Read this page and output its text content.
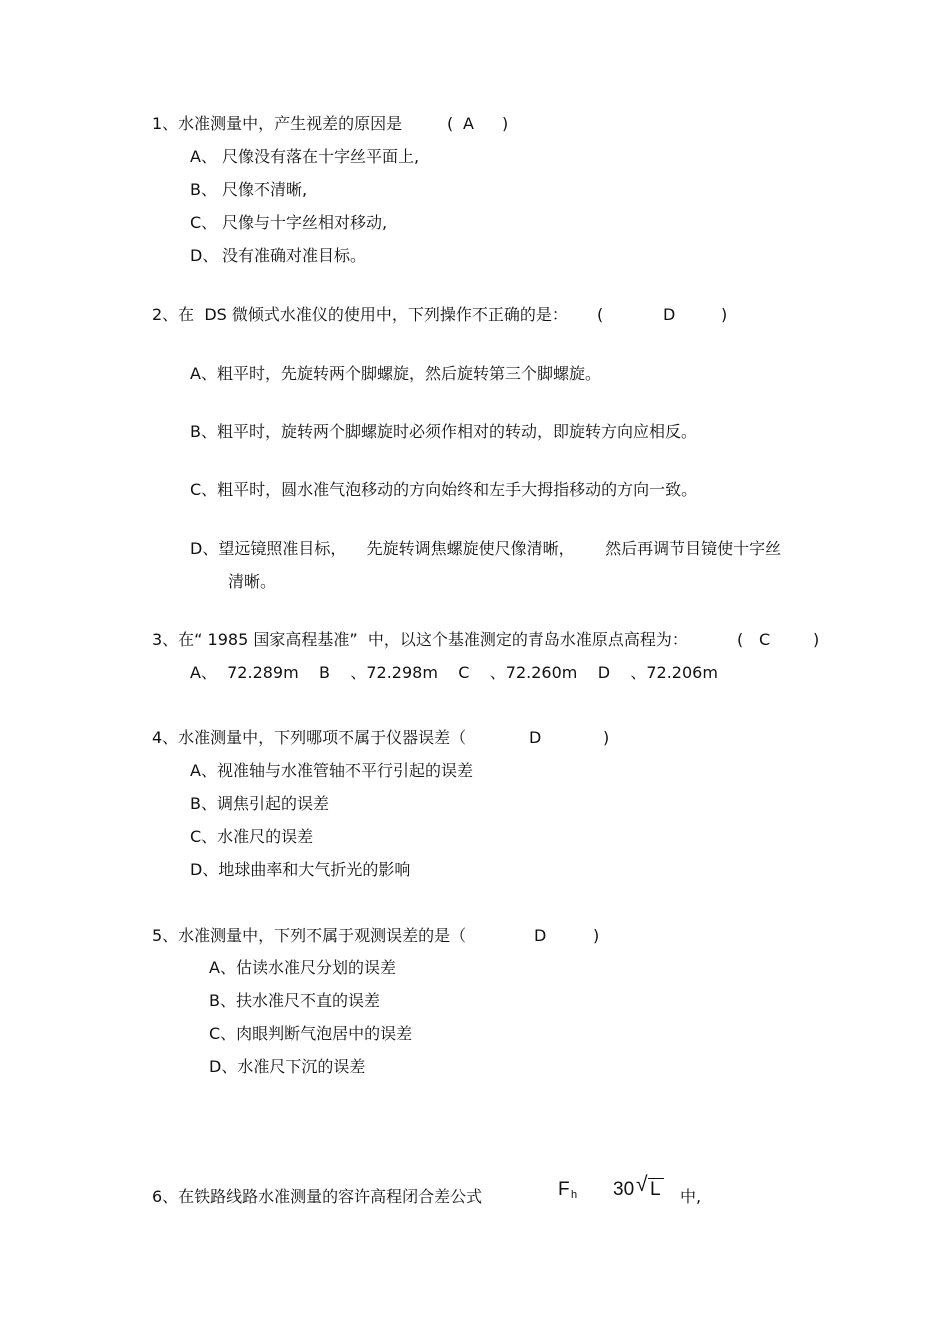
1、水准测量中，产生视差的原因是	( A )
A、 尺像没有落在十字丝平面上,
B、 尺像不清晰,
C、 尺像与十字丝相对移动,
D、 没有准确对准目标。
2、在  DS 微倾式水准仪的使用中，下列操作不正确的是： (	D	)
A、粗平时，先旋转两个脚螺旋，然后旋转第三个脚螺旋。
B、粗平时，旋转两个脚螺旋时必须作相对的转动，即旋转方向应相反。
C、粗平时，圆水准气泡移动的方向始终和左手大拇指移动的方向一致。
D、望远镜照准目标，    先旋转调焦螺旋使尺像清晰，      然后再调节目镜使十字丝
清晰。
3、在“ 1985 国家高程基准”  中，以这个基准测定的青岛水准原点高程为：	( C	)
A、  72.289m    B    、72.298m    C    、72.260m    D    、72.206m
4、水准测量中，下列哪项不属于仪器误差（	D	)
A、视准轴与水准管轴不平行引起的误差
B、调焦引起的误差
C、水准尺的误差
D、地球曲率和大气折光的影响
5、水准测量中，下列不属于观测误差的是（	D	)
A、估读水准尺分划的误差
B、扶水准尺不直的误差
C、肉眼判断气泡居中的误差
D、水准尺下沉的误差
6、在铁路线路水准测量的容许高程闭合差公式	F h 30 √ L 中,
